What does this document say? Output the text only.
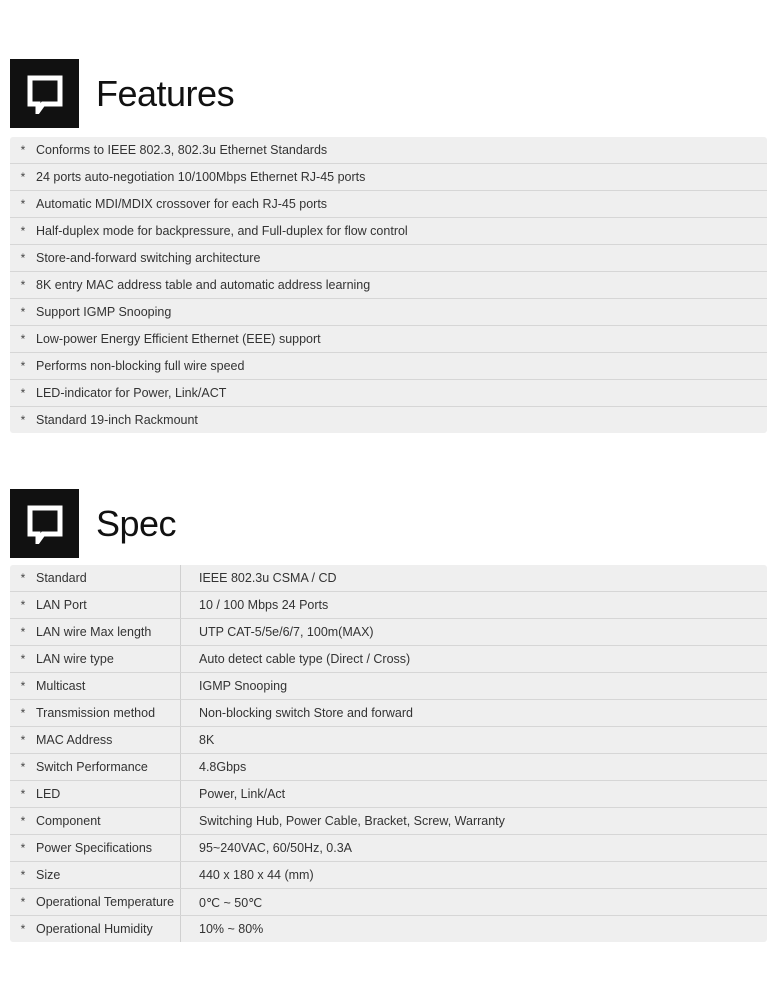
Features
* Conforms to IEEE 802.3, 802.3u Ethernet Standards
* 24 ports auto-negotiation 10/100Mbps Ethernet RJ-45 ports
* Automatic MDI/MDIX crossover for each RJ-45 ports
* Half-duplex mode for backpressure, and Full-duplex for flow control
* Store-and-forward switching architecture
* 8K entry MAC address table and automatic address learning
* Support IGMP Snooping
* Low-power Energy Efficient Ethernet (EEE) support
* Performs non-blocking full wire speed
* LED-indicator for Power, Link/ACT
* Standard 19-inch Rackmount
Spec
* Standard	IEEE 802.3u CSMA / CD
* LAN Port	10 / 100 Mbps 24 Ports
* LAN wire Max length	UTP CAT-5/5e/6/7, 100m(MAX)
* LAN wire type	Auto detect cable type (Direct / Cross)
* Multicast	IGMP Snooping
* Transmission method	Non-blocking switch Store and forward
* MAC Address	8K
* Switch Performance	4.8Gbps
* LED	Power, Link/Act
* Component	Switching Hub, Power Cable, Bracket, Screw, Warranty
* Power Specifications	95~240VAC, 60/50Hz, 0.3A
* Size	440 x 180 x 44 (mm)
* Operational Temperature	0℃ ~ 50℃
* Operational Humidity	10% ~ 80%
